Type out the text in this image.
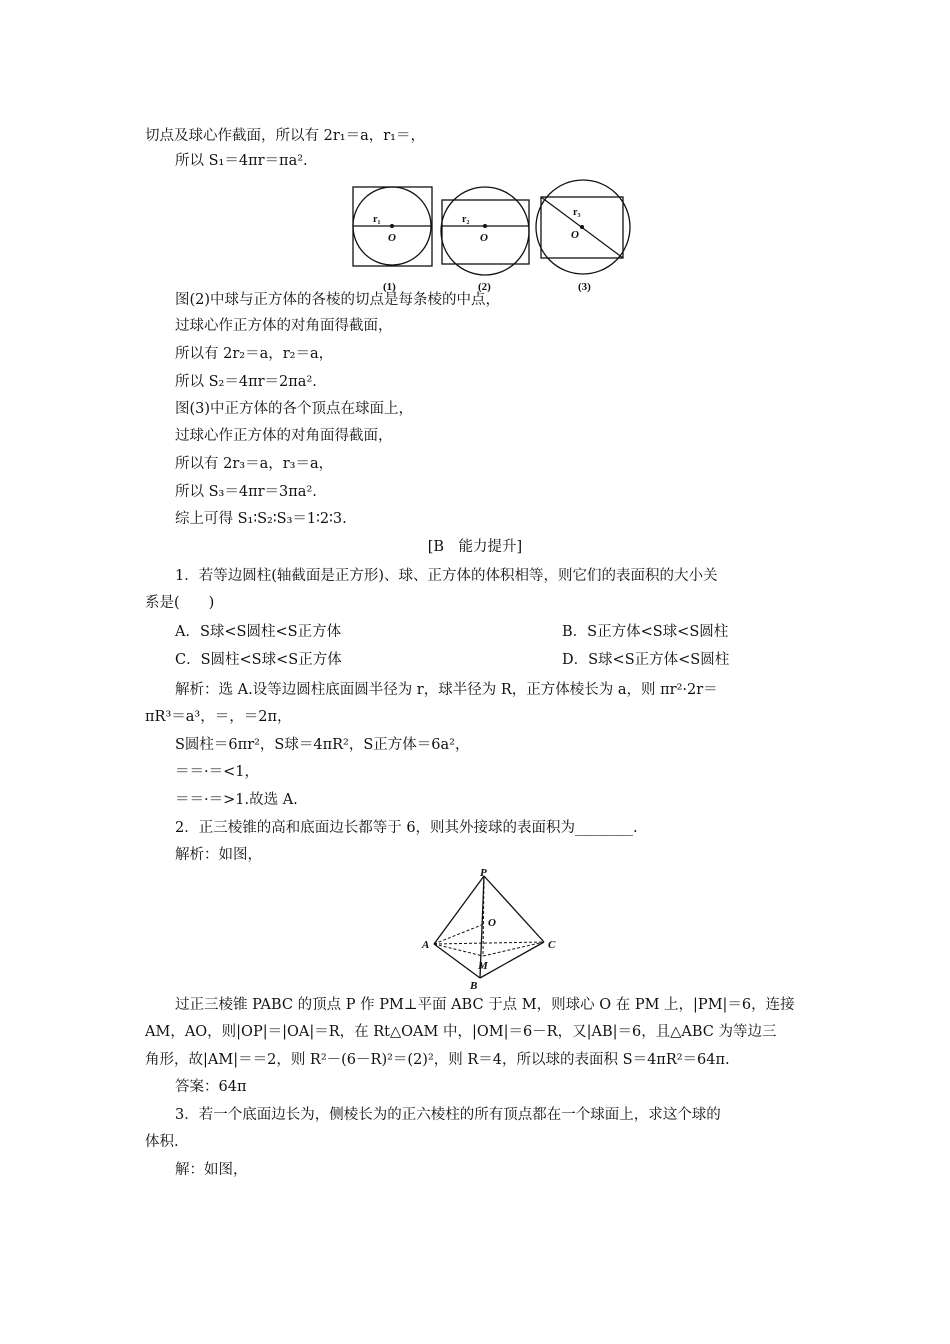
切点及球心作截面，所以有 2r₁＝a，r₁＝，
所以 S₁＝4πr＝πa².
r₁
O
(1)
r₂
O
(2)
r₃
O
(3)
图(2)中球与正方体的各棱的切点是每条棱的中点，
过球心作正方体的对角面得截面，
所以有 2r₂＝a，r₂＝a，
所以 S₂＝4πr＝2πa².
图(3)中正方体的各个顶点在球面上，
过球心作正方体的对角面得截面，
所以有 2r₃＝a，r₃＝a，
所以 S₃＝4πr＝3πa².
综上可得 S₁∶S₂∶S₃＝1∶2∶3.
[B　能力提升]
1．若等边圆柱(轴截面是正方形)、球、正方体的体积相等，则它们的表面积的大小关
系是(　　)
A．S球<S圆柱<S正方体	B．S正方体<S球<S圆柱
C．S圆柱<S球<S正方体	D．S球<S正方体<S圆柱
解析：选 A.设等边圆柱底面圆半径为 r，球半径为 R，正方体棱长为 a，则 πr²·2r＝
πR³＝a³，＝，＝2π，
S圆柱＝6πr²，S球＝4πR²，S正方体＝6a²，
＝＝·＝<1，
＝＝·＝>1.故选 A.
2．正三棱锥的高和底面边长都等于 6，则其外接球的表面积为________.
解析：如图，
P
O
A	C
M
B
过正三棱锥 PABC 的顶点 P 作 PM⊥平面 ABC 于点 M，则球心 O 在 PM 上，|PM|＝6，连接
AM，AO，则|OP|＝|OA|＝R，在 Rt△OAM 中，|OM|＝6－R，又|AB|＝6，且△ABC 为等边三
角形，故|AM|＝＝2，则 R²－(6－R)²＝(2)²，则 R＝4，所以球的表面积 S＝4πR²＝64π.
答案：64π
3．若一个底面边长为，侧棱长为的正六棱柱的所有顶点都在一个球面上，求这个球的
体积.
解：如图，
